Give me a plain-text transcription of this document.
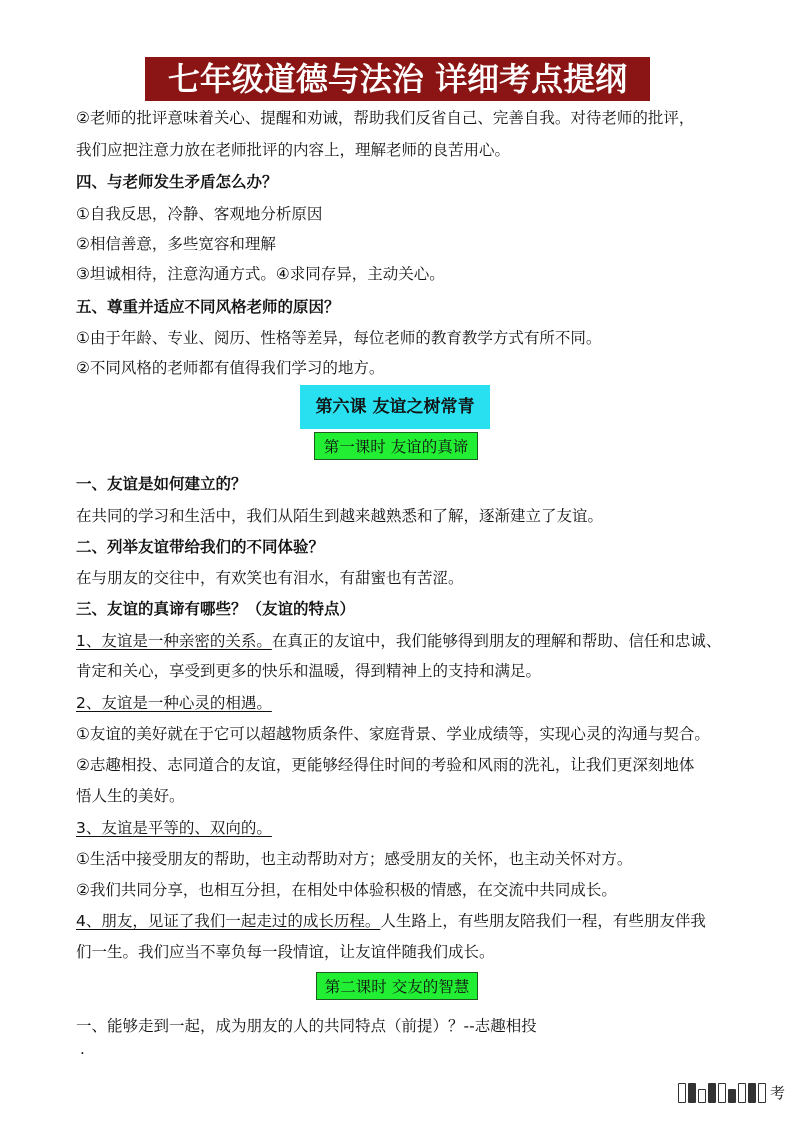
七年级道德与法治 详细考点提纲
②老师的批评意味着关心、提醒和劝诫，帮助我们反省自己、完善自我。对待老师的批评，
我们应把注意力放在老师批评的内容上，理解老师的良苦用心。
四、与老师发生矛盾怎么办？
①自我反思，冷静、客观地分析原因
②相信善意，多些宽容和理解
③坦诚相待，注意沟通方式。④求同存异，主动关心。
五、尊重并适应不同风格老师的原因？
①由于年龄、专业、阅历、性格等差异，每位老师的教育教学方式有所不同。
②不同风格的老师都有值得我们学习的地方。
第六课 友谊之树常青
第一课时 友谊的真谛
一、友谊是如何建立的？
在共同的学习和生活中，我们从陌生到越来越熟悉和了解，逐渐建立了友谊。
二、列举友谊带给我们的不同体验？
在与朋友的交往中，有欢笑也有泪水，有甜蜜也有苦涩。
三、友谊的真谛有哪些？（友谊的特点）
1、友谊是一种亲密的关系。在真正的友谊中，我们能够得到朋友的理解和帮助、信任和忠诚、
肯定和关心，享受到更多的快乐和温暖，得到精神上的支持和满足。
2、友谊是一种心灵的相遇。
①友谊的美好就在于它可以超越物质条件、家庭背景、学业成绩等，实现心灵的沟通与契合。
②志趣相投、志同道合的友谊，更能够经得住时间的考验和风雨的洗礼，让我们更深刻地体
悟人生的美好。
3、友谊是平等的、双向的。
①生活中接受朋友的帮助，也主动帮助对方；感受朋友的关怀，也主动关怀对方。
②我们共同分享，也相互分担，在相处中体验积极的情感，在交流中共同成长。
4、朋友，见证了我们一起走过的成长历程。人生路上，有些朋友陪我们一程，有些朋友伴我
们一生。我们应当不辜负每一段情谊，让友谊伴随我们成长。
第二课时 交友的智慧
一、能够走到一起，成为朋友的人的共同特点（前提）？--志趣相投
.
考
